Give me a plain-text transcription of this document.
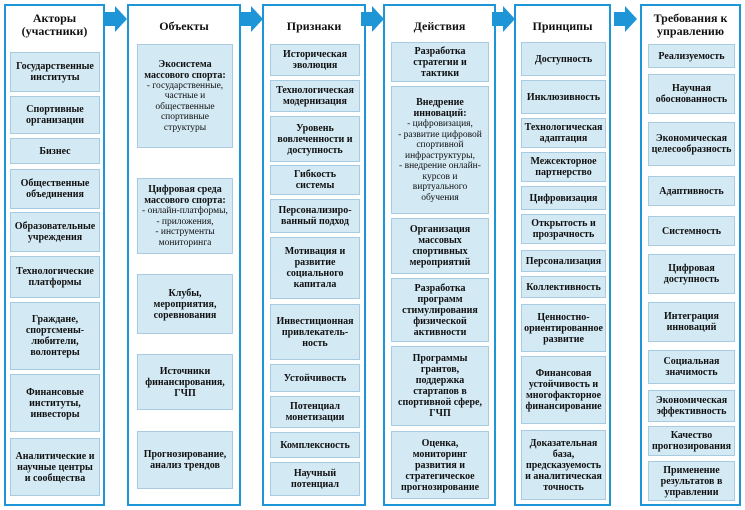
Акторы
(участники)
Государственные
институты
Спортивные
организации
Бизнес
Общественные
объединения
Образовательные
учреждения
Технологические
платформы
Граждане,
спортсмены-
любители,
волонтеры
Финансовые
институты,
инвесторы
Аналитические и
научные центры
и сообщества
Объекты
Экосистема
массового спорта:
- государственные,
частные и
общественные
спортивные
структуры
Цифровая среда
массового спорта:
- онлайн-платформы,
- приложения,
- инструменты
мониторинга
Клубы,
мероприятия,
соревнования
Источники
финансирования,
ГЧП
Прогнозирование,
анализ трендов
Признаки
Историческая
эволюция
Технологическая
модернизация
Уровень
вовлеченности и
доступность
Гибкость
системы
Персонализиро-
ванный подход
Мотивация и
развитие
социального
капитала
Инвестиционная
привлекатель-
ность
Устойчивость
Потенциал
монетизации
Комплексность
Научный
потенциал
Действия
Разработка
стратегии и тактики
Внедрение
инноваций:
- цифровизация,
- развитие цифровой
спортивной
инфраструктуры,
- внедрение онлайн-
курсов и
виртуального
обучения
Организация
массовых
спортивных
мероприятий
Разработка
программ
стимулирования
физической
активности
Программы
грантов,
поддержка
стартапов в
спортивной сфере,
ГЧП
Оценка,
мониторинг
развития и
стратегическое
прогнозирование
Принципы
Доступность
Инклюзивность
Технологическая
адаптация
Межсекторное
партнерство
Цифровизация
Открытость и
прозрачность
Персонализация
Коллективность
Ценностно-
ориентированное
развитие
Финансовая
устойчивость и
многофакторное
финансирование
Доказательная
база,
предсказуемость
и аналитическая
точность
Требования к
управлению
Реализуемость
Научная
обоснованность
Экономическая
целесообразность
Адаптивность
Системность
Цифровая
доступность
Интеграция
инноваций
Социальная
значимость
Экономическая
эффективность
Качество
прогнозирования
Применение
результатов в
управлении
